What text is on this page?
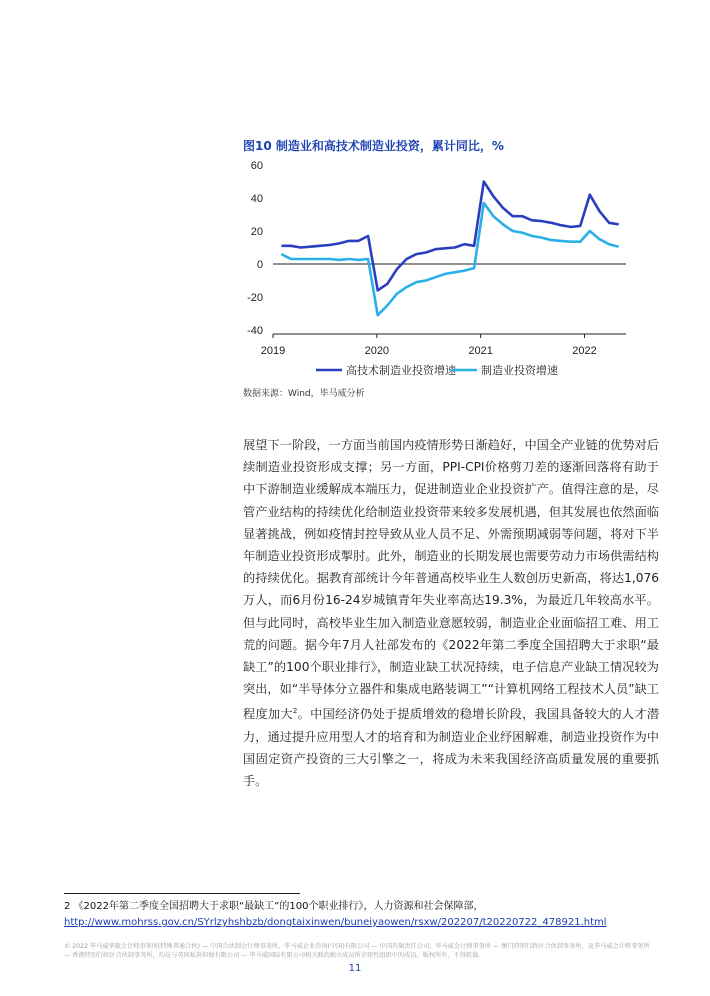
图10 制造业和高技术制造业投资，累计同比，%
60
40
20
0
-20
-40
2019	2020	2021	2022
高技术制造业投资增速 制造业投资增速
数据来源：Wind，毕马威分析
展望下一阶段，一方面当前国内疫情形势日渐趋好，中国全产业链的优势对后续制造业投资形成支撑；另一方面，PPI-CPI价格剪刀差的逐渐回落将有助于中下游制造业缓解成本端压力，促进制造业企业投资扩产。值得注意的是，尽管产业结构的持续优化给制造业投资带来较多发展机遇，但其发展也依然面临显著挑战，例如疫情封控导致从业人员不足、外需预期减弱等问题，将对下半年制造业投资形成掣肘。此外，制造业的长期发展也需要劳动力市场供需结构的持续优化。据教育部统计今年普通高校毕业生人数创历史新高，将达1,076万人，而6月份16-24岁城镇青年失业率高达19.3%，为最近几年较高水平。但与此同时，高校毕业生加入制造业意愿较弱，制造业企业面临招工难、用工荒的问题。据今年7月人社部发布的《2022年第二季度全国招聘大于求职“最缺工”的100个职业排行》，制造业缺工状况持续，电子信息产业缺工情况较为突出，如“半导体分立器件和集成电路装调工”“计算机网络工程技术人员”缺工程度加大$^2$。中国经济仍处于提质增效的稳增长阶段，我国具备较大的人才潜力，通过提升应用型人才的培育和为制造业企业纾困解难，制造业投资作为中国固定资产投资的三大引擎之一，将成为未来我国经济高质量发展的重要抓手。
2 《2022年第二季度全国招聘大于求职“最缺工”的100个职业排行》，人力资源和社会保障部，
http://www.mohrss.gov.cn/SYrlzyhshbzb/dongtaixinwen/buneiyaowen/rsxw/202207/t20220722_478921.html
© 2022 毕马威华振会计师事务所(特殊普通合伙) — 中国合伙制会计师事务所，毕马威企业咨询(中国)有限公司 — 中国有限责任公司，毕马威会计师事务所 — 澳门特别行政区合伙制事务所，及毕马威会计师事务所 — 香港特别行政区合伙制事务所，均是与英国私营担保有限公司 — 毕马威国际有限公司相关联的独立成员所全球性组织中的成员。版权所有，不得转载。
11
